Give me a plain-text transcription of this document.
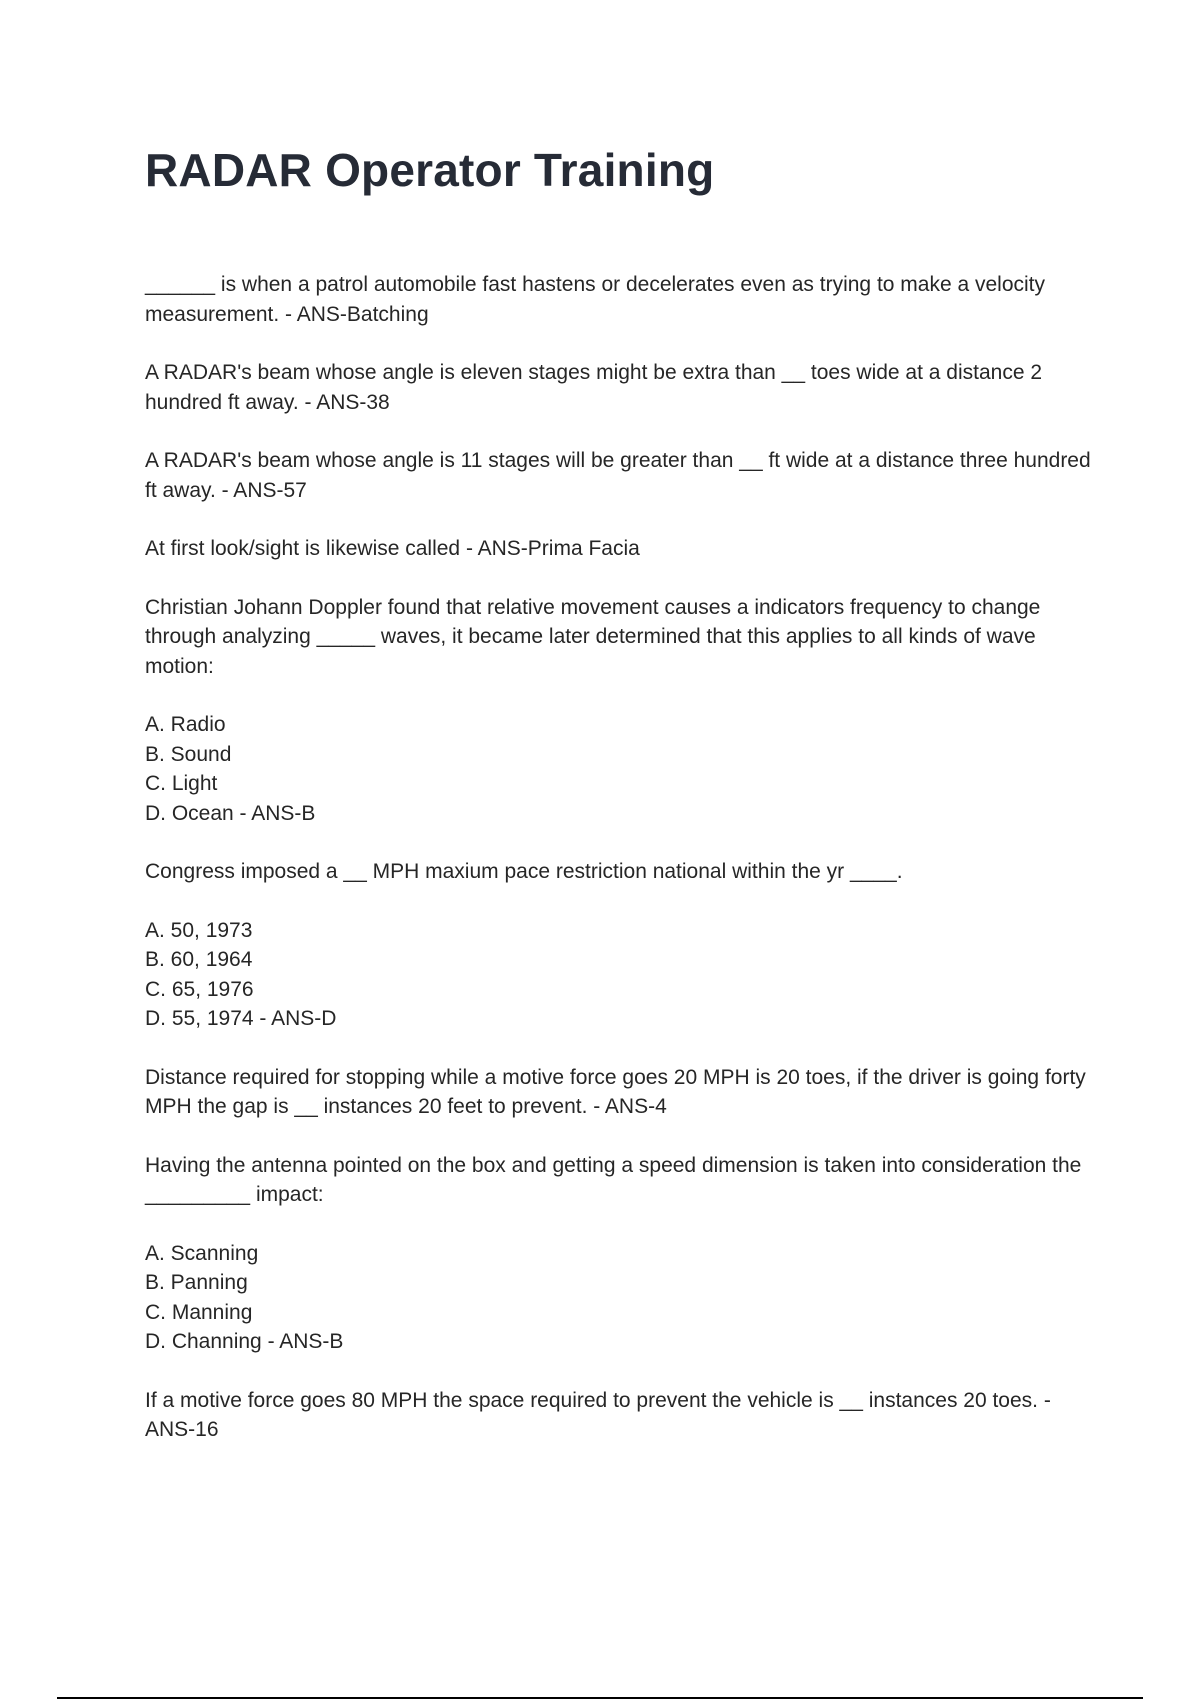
RADAR Operator Training

______ is when a patrol automobile fast hastens or decelerates even as trying to make a velocity measurement. - ANS-Batching

A RADAR's beam whose angle is eleven stages might be extra than __ toes wide at a distance 2 hundred ft away. - ANS-38

A RADAR's beam whose angle is 11 stages will be greater than __ ft wide at a distance three hundred ft away. - ANS-57

At first look/sight is likewise called - ANS-Prima Facia

Christian Johann Doppler found that relative movement causes a indicators frequency to change through analyzing _____ waves, it became later determined that this applies to all kinds of wave motion:

A. Radio
B. Sound
C. Light
D. Ocean - ANS-B

Congress imposed a __ MPH maxium pace restriction national within the yr ____.

A. 50, 1973
B. 60, 1964
C. 65, 1976
D. 55, 1974 - ANS-D

Distance required for stopping while a motive force goes 20 MPH is 20 toes, if the driver is going forty MPH the gap is __ instances 20 feet to prevent. - ANS-4

Having the antenna pointed on the box and getting a speed dimension is taken into consideration the _________ impact:

A. Scanning
B. Panning
C. Manning
D. Channing - ANS-B

If a motive force goes 80 MPH the space required to prevent the vehicle is __ instances 20 toes. - ANS-16
